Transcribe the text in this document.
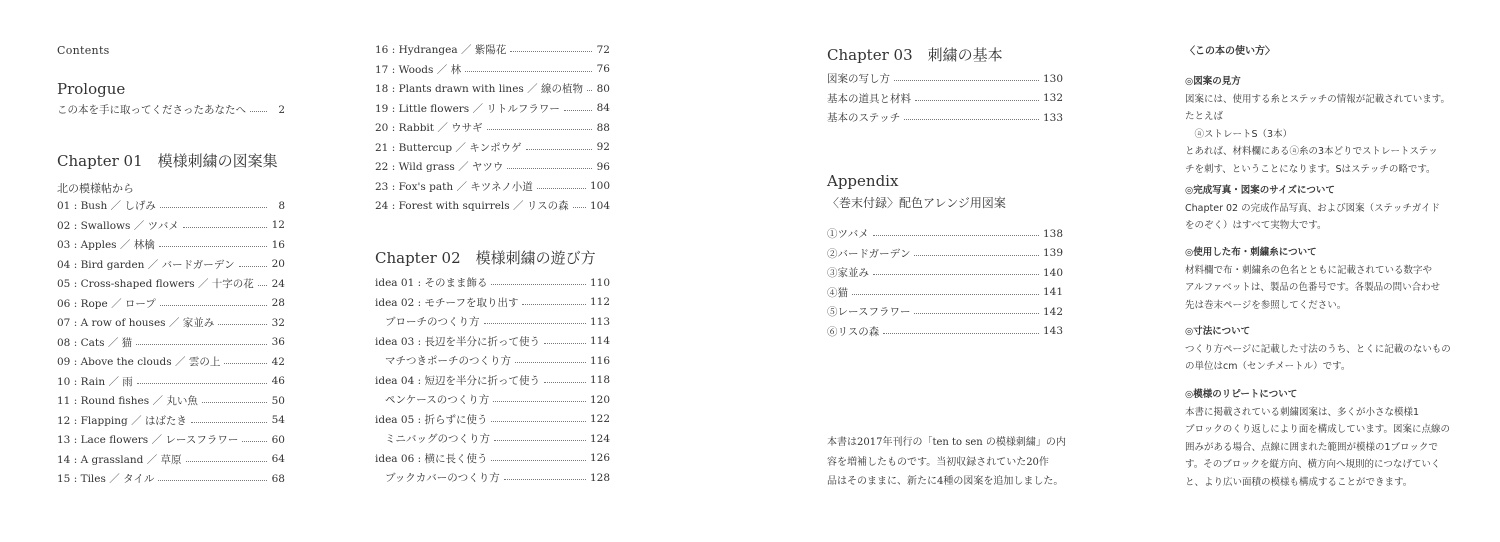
Contents
Prologue
この本を手に取ってくださったあなたへ	2
Chapter 01　模様刺繍の図案集
北の模様帖から
01 : Bush ／ しげみ	8
02 : Swallows ／ ツバメ	12
03 : Apples ／ 林檎	16
04 : Bird garden ／ バードガーデン	20
05 : Cross-shaped flowers ／ 十字の花 24
06 : Rope ／ ロープ	28
07 : A row of houses ／ 家並み	32
08 : Cats ／ 猫	36
09 : Above the clouds ／ 雲の上	42
10 : Rain ／ 雨	46
11 : Round fishes ／ 丸い魚	50
12 : Flapping ／ はばたき	54
13 : Lace flowers ／ レースフラワー	60
14 : A grassland ／ 草原	64
15 : Tiles ／ タイル	68
16 : Hydrangea ／ 紫陽花	72
17 : Woods ／ 林	76
18 : Plants drawn with lines ／ 線の植物 80
19 : Little flowers ／ リトルフラワー	84
20 : Rabbit ／ ウサギ	88
21 : Buttercup ／ キンポウゲ	92
22 : Wild grass ／ ヤツウ	96
23 : Fox's path ／ キツネノ小道	100
24 : Forest with squirrels ／ リスの森 104
Chapter 02　模様刺繍の遊び方
idea 01 : そのまま飾る	110
idea 02 : モチーフを取り出す	112
ブローチのつくり方	113
idea 03 : 長辺を半分に折って使う	114
マチつきポーチのつくり方	116
idea 04 : 短辺を半分に折って使う	118
ペンケースのつくり方	120
idea 05 : 折らずに使う	122
ミニバッグのつくり方	124
idea 06 : 横に長く使う	126
ブックカバーのつくり方	128
Chapter 03　刺繍の基本
図案の写し方	130
基本の道具と材料	132
基本のステッチ	133
Appendix
〈巻末付録〉配色アレンジ用図案
①ツバメ	138
②バードガーデン	139
③家並み	140
④猫	141
⑤レースフラワー	142
⑥リスの森	143
本書は2017年刊行の「ten to sen の模様刺繍」の内
容を増補したものです。当初収録されていた20作
品はそのままに、新たに4種の図案を追加しました。
〈この本の使い方〉
◎図案の見方
図案には、使用する糸とステッチの情報が記載されています。
たとえば
　ⓐストレートS（3本）
とあれば、材料欄にあるⓐ糸の3本どりでストレートステッ
チを刺す、ということになります。Sはステッチの略です。
◎完成写真・図案のサイズについて
Chapter 02 の完成作品写真、および図案（ステッチガイド
をのぞく）はすべて実物大です。
◎使用した布・刺繍糸について
材料欄で布・刺繍糸の色名とともに記載されている数字や
アルファベットは、製品の色番号です。各製品の問い合わせ
先は巻末ページを参照してください。
◎寸法について
つくり方ページに記載した寸法のうち、とくに記載のないもの
の単位はcm（センチメートル）です。
◎模様のリピートについて
本書に掲載されている刺繍図案は、多くが小さな模様1
ブロックのくり返しにより面を構成しています。図案に点線の
囲みがある場合、点線に囲まれた範囲が模様の1ブロックで
す。そのブロックを縦方向、横方向へ規則的につなげていく
と、より広い面積の模様も構成することができます。
